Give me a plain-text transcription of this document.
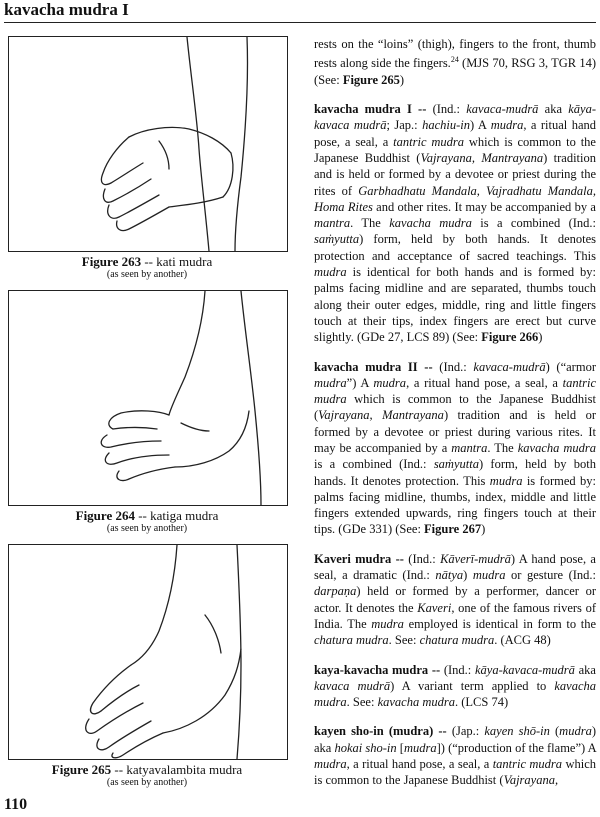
kavacha mudra I
Figure 263 -- kati mudra
(as seen by another)
Figure 264 -- katiga mudra
(as seen by another)
Figure 265 -- katyavalambita mudra
(as seen by another)

rests on the “loins” (thigh), fingers to the front, thumb rests along side the fingers.$^{24}$ (MJS 70, RSG 3, TGR 14) (See: Figure 265)

kavacha mudra I -- (Ind.: kavaca-mudrā aka kāya-kavaca mudrā; Jap.: hachiu-in) A mudra, a ritual hand pose, a seal, a tantric mudra which is common to the Japanese Buddhist (Vajrayana, Mantrayana) tradition and is held or formed by a devotee or priest during the rites of Garbhadhatu Mandala, Vajradhatu Mandala, Homa Rites and other rites. It may be accompanied by a mantra. The kavacha mudra is a combined (Ind.: saṁyutta) form, held by both hands. It denotes protection and acceptance of sacred teachings. This mudra is identical for both hands and is formed by: palms facing midline and are separated, thumbs touch along their outer edges, middle, ring and little fingers touch at their tips, index fingers are erect but curve slightly. (GDe 27, LCS 89) (See: Figure 266)

kavacha mudra II -- (Ind.: kavaca-mudrā) (“armor mudra”) A mudra, a ritual hand pose, a seal, a tantric mudra which is common to the Japanese Buddhist (Vajrayana, Mantrayana) tradition and is held or formed by a devotee or priest during various rites. It may be accompanied by a mantra. The kavacha mudra is a combined (Ind.: saṁyutta) form, held by both hands. It denotes protection. This mudra is formed by: palms facing midline, thumbs, index, middle and little fingers extended upwards, ring fingers touch at their tips. (GDe 331) (See: Figure 267)

Kaveri mudra -- (Ind.: Kāverī-mudrā) A hand pose, a seal, a dramatic (Ind.: nātya) mudra or gesture (Ind.: darpaṇa) held or formed by a performer, dancer or actor. It denotes the Kaveri, one of the famous rivers of India. The mudra employed is identical in form to the chatura mudra. See: chatura mudra. (ACG 48)

kaya-kavacha mudra -- (Ind.: kāya-kavaca-mudrā aka kavaca mudrā) A variant term applied to kavacha mudra. See: kavacha mudra. (LCS 74)

kayen sho-in (mudra) -- (Jap.: kayen shō-in (mudra) aka hokai sho-in [mudra]) (“production of the flame”) A mudra, a ritual hand pose, a seal, a tantric mudra which is common to the Japanese Buddhist (Vajrayana,

110
